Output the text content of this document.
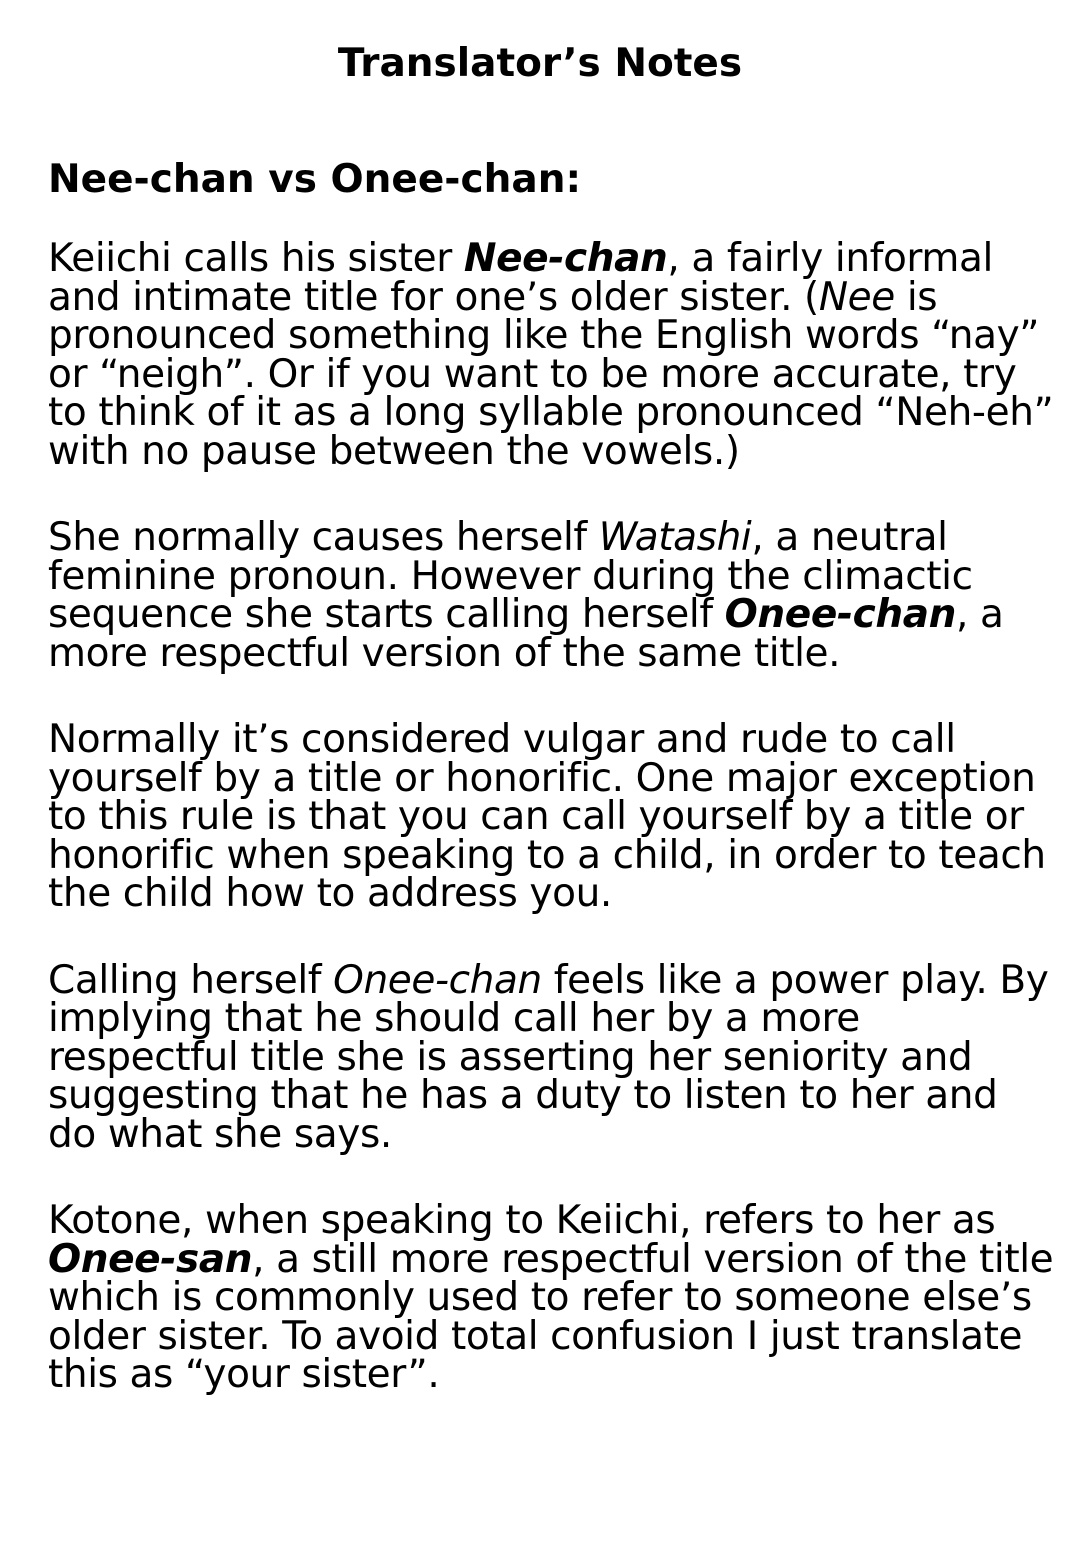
Translator’s Notes
Nee-chan vs Onee-chan:

Keiichi calls his sister Nee-chan, a fairly informal
and intimate title for one’s older sister. (Nee is
pronounced something like the English words “nay”
or “neigh”. Or if you want to be more accurate, try
to think of it as a long syllable pronounced “Neh-eh”
with no pause between the vowels.)

She normally causes herself Watashi, a neutral
feminine pronoun. However during the climactic
sequence she starts calling herself Onee-chan, a
more respectful version of the same title.

Normally it’s considered vulgar and rude to call
yourself by a title or honorific. One major exception
to this rule is that you can call yourself by a title or
honorific when speaking to a child, in order to teach
the child how to address you.

Calling herself Onee-chan feels like a power play. By
implying that he should call her by a more
respectful title she is asserting her seniority and
suggesting that he has a duty to listen to her and
do what she says.

Kotone, when speaking to Keiichi, refers to her as
Onee-san, a still more respectful version of the title
which is commonly used to refer to someone else’s
older sister. To avoid total confusion I just translate
this as “your sister”.
